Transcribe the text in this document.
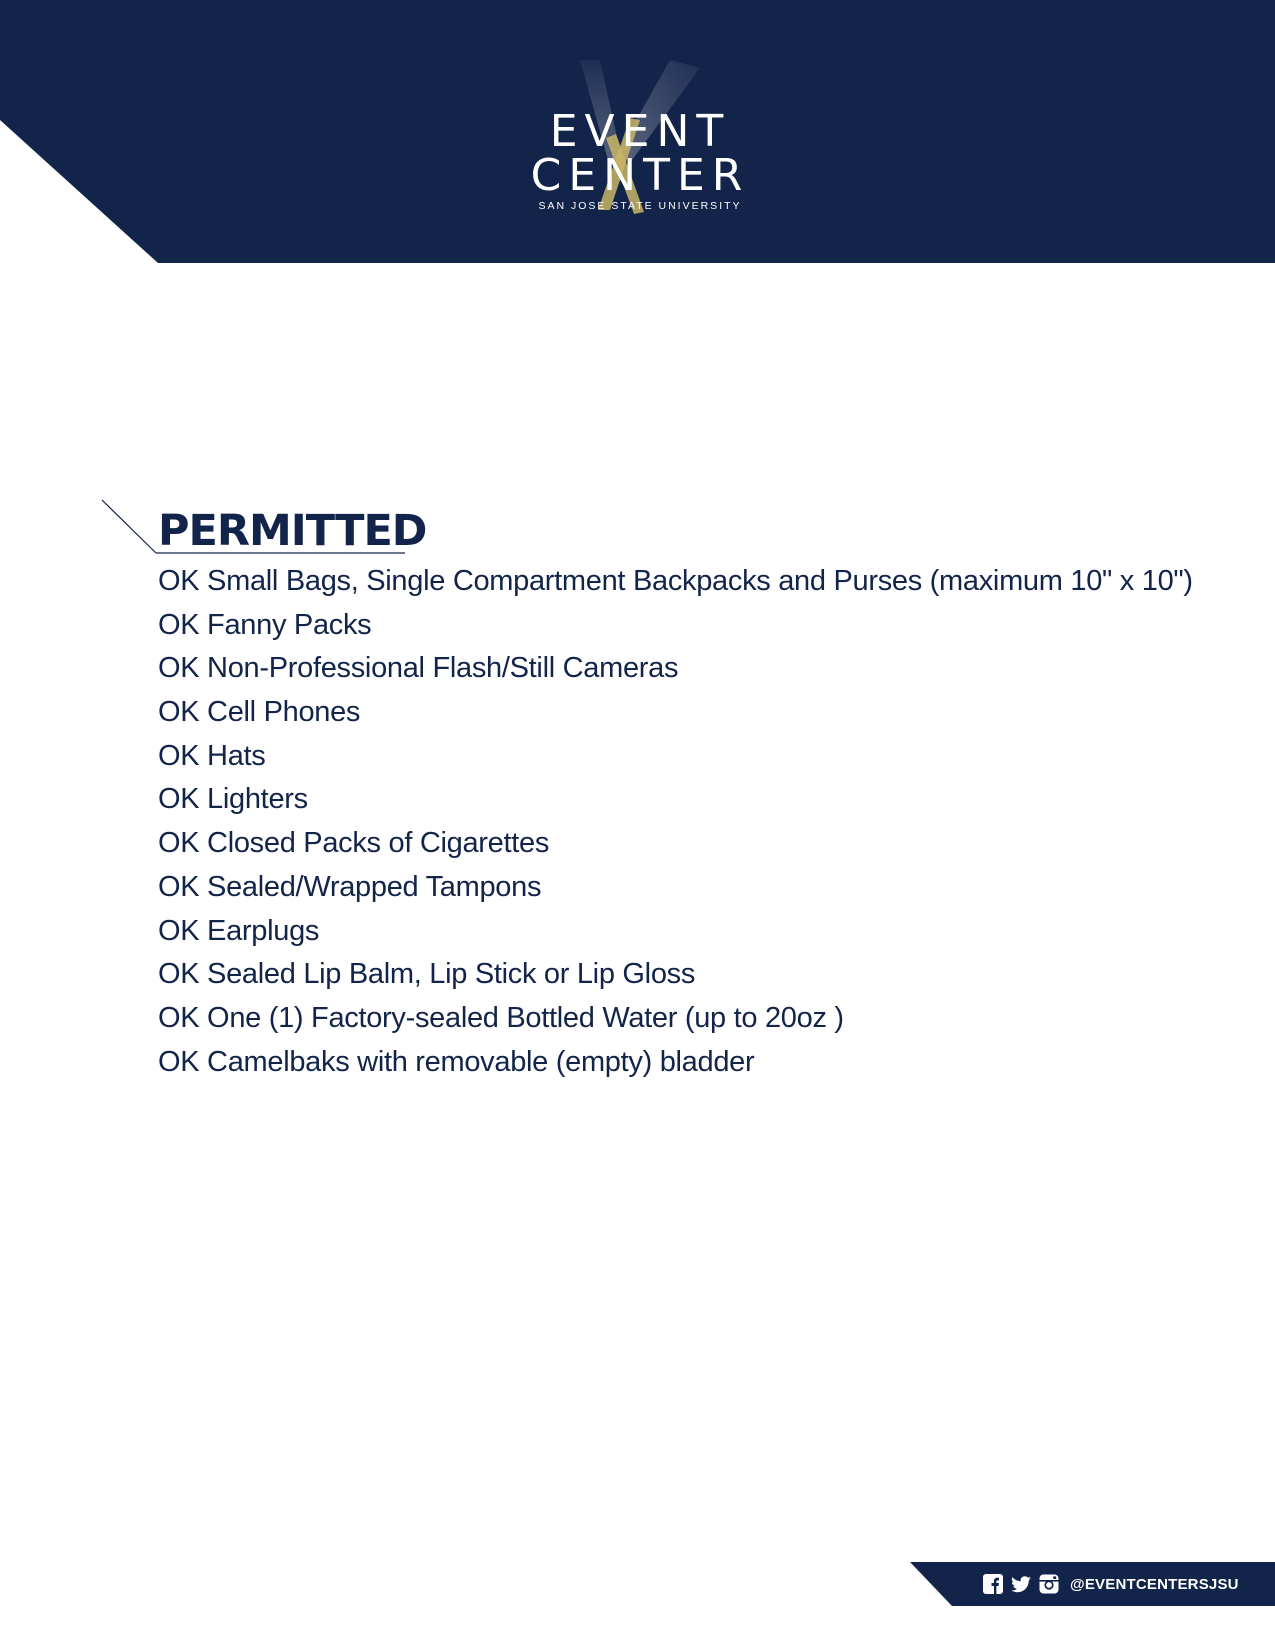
EVENT
CENTER
SAN JOSE STATE UNIVERSITY
PERMITTED
OK Small Bags, Single Compartment Backpacks and Purses (maximum 10" x 10")
OK Fanny Packs
OK Non-Professional Flash/Still Cameras
OK Cell Phones
OK Hats
OK Lighters
OK Closed Packs of Cigarettes
OK Sealed/Wrapped Tampons
OK Earplugs
OK Sealed Lip Balm, Lip Stick or Lip Gloss
OK One (1) Factory-sealed Bottled Water (up to 20oz )
OK Camelbaks with removable (empty) bladder
@EVENTCENTERSJSU
